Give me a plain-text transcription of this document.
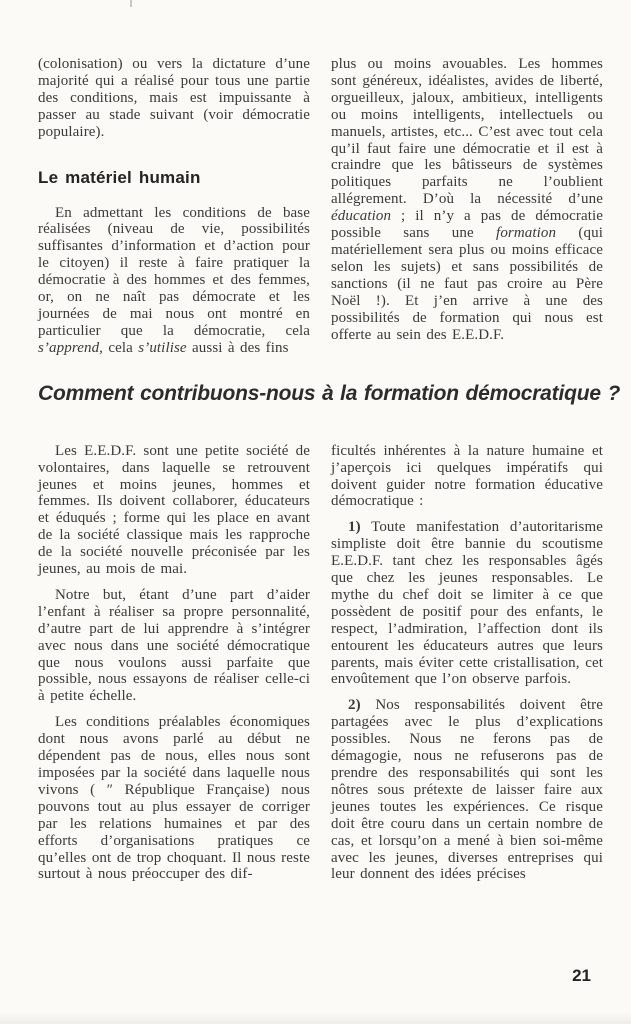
(colonisation) ou vers la dictature d’une majorité qui a réalisé pour tous une partie des conditions, mais est impuissante à passer au stade suivant (voir démocratie populaire).

Le matériel humain

En admettant les conditions de base réalisées (niveau de vie, possibilités suffisantes d’information et d’action pour le citoyen) il reste à faire pratiquer la démocratie à des hommes et des femmes, or, on ne naît pas démocrate et les journées de mai nous ont montré en particulier que la démocratie, cela s’apprend, cela s’utilise aussi à des fins

plus ou moins avouables. Les hommes sont généreux, idéalistes, avides de liberté, orgueilleux, jaloux, ambitieux, intelligents ou moins intelligents, intellectuels ou manuels, artistes, etc... C’est avec tout cela qu’il faut faire une démocratie et il est à craindre que les bâtisseurs de systèmes politiques parfaits ne l’oublient allégrement. D’où la nécessité d’une éducation ; il n’y a pas de démocratie possible sans une formation (qui matériellement sera plus ou moins efficace selon les sujets) et sans possibilités de sanctions (il ne faut pas croire au Père Noël !). Et j’en arrive à une des possibilités de formation qui nous est offerte au sein des E.E.D.F.

Comment contribuons-nous à la formation démocratique ?

Les E.E.D.F. sont une petite société de volontaires, dans laquelle se retrouvent jeunes et moins jeunes, hommes et femmes. Ils doivent collaborer, éducateurs et éduqués ; forme qui les place en avant de la société classique mais les rapproche de la société nouvelle préconisée par les jeunes, au mois de mai.

Notre but, étant d’une part d’aider l’enfant à réaliser sa propre personnalité, d’autre part de lui apprendre à s’intégrer avec nous dans une société démocratique que nous voulons aussi parfaite que possible, nous essayons de réaliser celle-ci à petite échelle.

Les conditions préalables économiques dont nous avons parlé au début ne dépendent pas de nous, elles nous sont imposées par la société dans laquelle nous vivons ( ″ République Française) nous pouvons tout au plus essayer de corriger par les relations humaines et par des efforts d’organisations pratiques ce qu’elles ont de trop choquant. Il nous reste surtout à nous préoccuper des dif-

ficultés inhérentes à la nature humaine et j’aperçois ici quelques impératifs qui doivent guider notre formation éducative démocratique :

1) Toute manifestation d’autoritarisme simpliste doit être bannie du scoutisme E.E.D.F. tant chez les responsables âgés que chez les jeunes responsables. Le mythe du chef doit se limiter à ce que possèdent de positif pour des enfants, le respect, l’admiration, l’affection dont ils entourent les éducateurs autres que leurs parents, mais éviter cette cristallisation, cet envoûtement que l’on observe parfois.

2) Nos responsabilités doivent être partagées avec le plus d’explications possibles. Nous ne ferons pas de démagogie, nous ne refuserons pas de prendre des responsabilités qui sont les nôtres sous prétexte de laisser faire aux jeunes toutes les expériences. Ce risque doit être couru dans un certain nombre de cas, et lorsqu’on a mené à bien soi-même avec les jeunes, diverses entreprises qui leur donnent des idées précises

21
